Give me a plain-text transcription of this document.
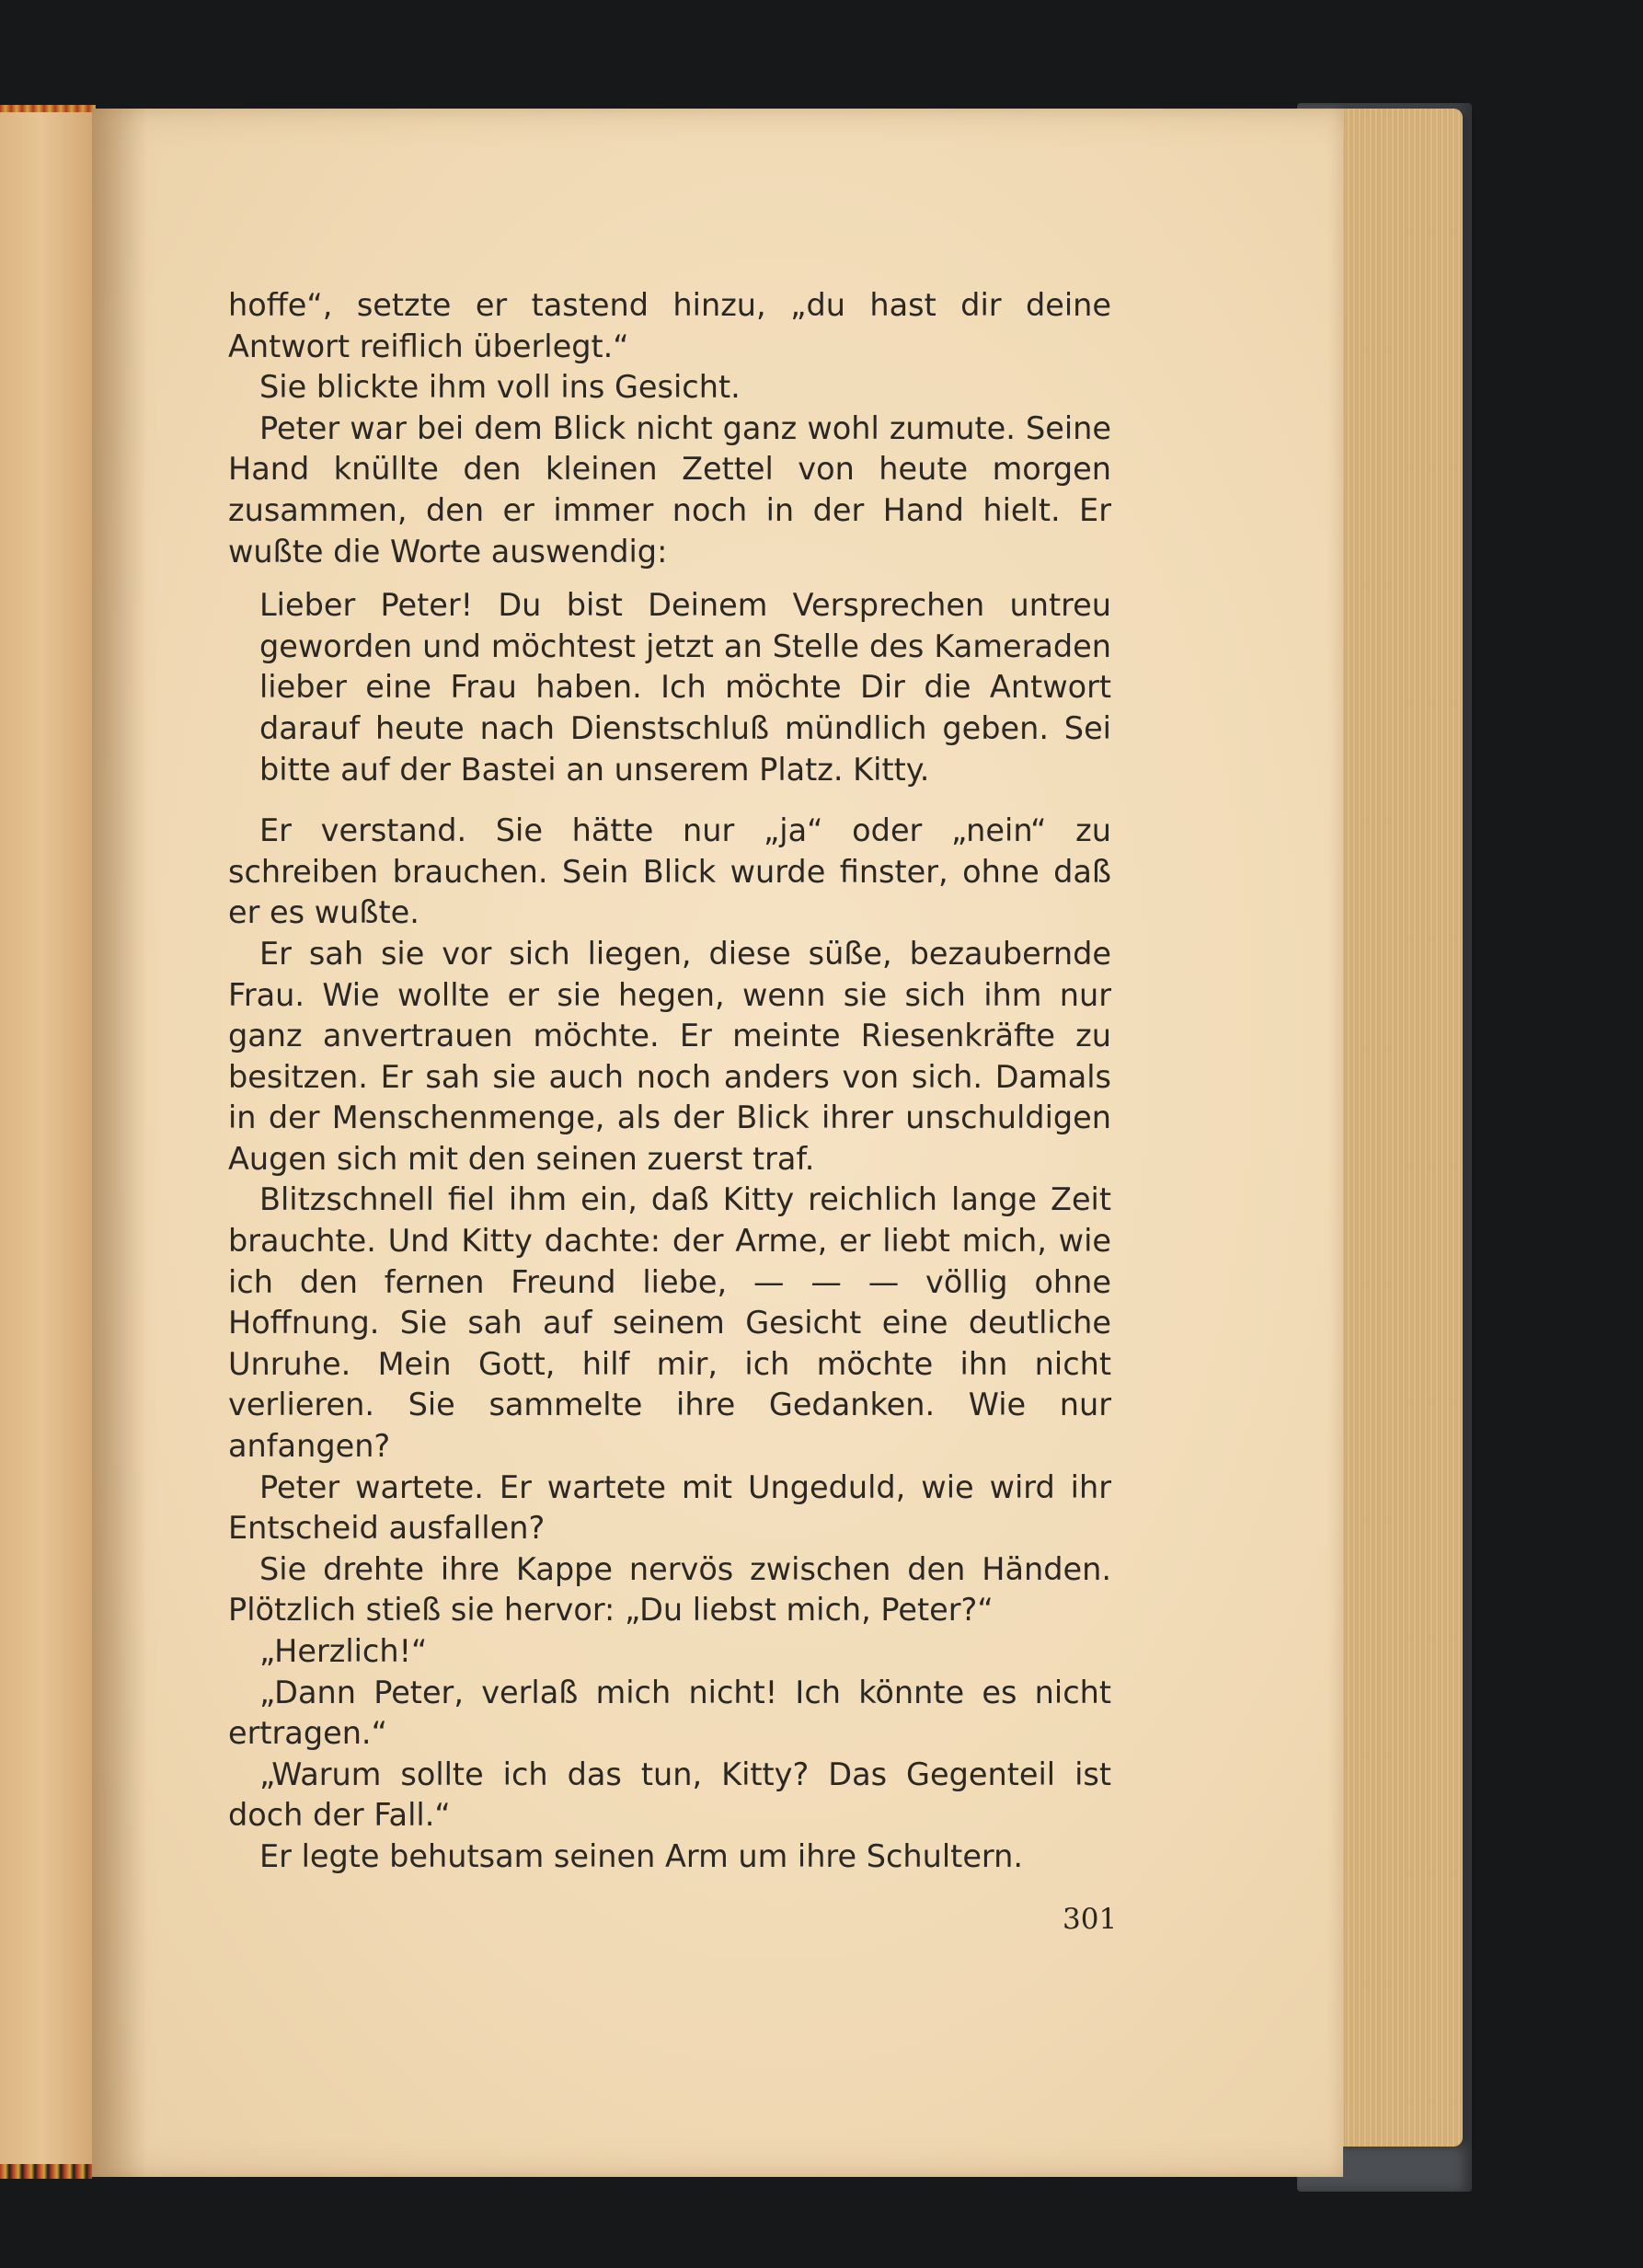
hoffe“, setzte er tastend hinzu, „du hast dir deine Antwort reiflich überlegt.“

Sie blickte ihm voll ins Gesicht.

Peter war bei dem Blick nicht ganz wohl zumute. Seine Hand knüllte den kleinen Zettel von heute morgen zusammen, den er immer noch in der Hand hielt. Er wußte die Worte auswendig:

Lieber Peter! Du bist Deinem Versprechen untreu geworden und möchtest jetzt an Stelle des Kameraden lieber eine Frau haben. Ich möchte Dir die Antwort darauf heute nach Dienstschluß mündlich geben. Sei bitte auf der Bastei an unserem Platz. Kitty.

Er verstand. Sie hätte nur „ja“ oder „nein“ zu schreiben brauchen. Sein Blick wurde finster, ohne daß er es wußte.

Er sah sie vor sich liegen, diese süße, bezaubernde Frau. Wie wollte er sie hegen, wenn sie sich ihm nur ganz anvertrauen möchte. Er meinte Riesenkräfte zu besitzen. Er sah sie auch noch anders von sich. Damals in der Menschenmenge, als der Blick ihrer unschuldigen Augen sich mit den seinen zuerst traf.

Blitzschnell fiel ihm ein, daß Kitty reichlich lange Zeit brauchte. Und Kitty dachte: der Arme, er liebt mich, wie ich den fernen Freund liebe, — — — völlig ohne Hoffnung. Sie sah auf seinem Gesicht eine deutliche Unruhe. Mein Gott, hilf mir, ich möchte ihn nicht verlieren. Sie sammelte ihre Gedanken. Wie nur anfangen?

Peter wartete. Er wartete mit Ungeduld, wie wird ihr Entscheid ausfallen?

Sie drehte ihre Kappe nervös zwischen den Händen. Plötzlich stieß sie hervor: „Du liebst mich, Peter?“

„Herzlich!“

„Dann Peter, verlaß mich nicht! Ich könnte es nicht ertragen.“

„Warum sollte ich das tun, Kitty? Das Gegenteil ist doch der Fall.“

Er legte behutsam seinen Arm um ihre Schultern.

301
